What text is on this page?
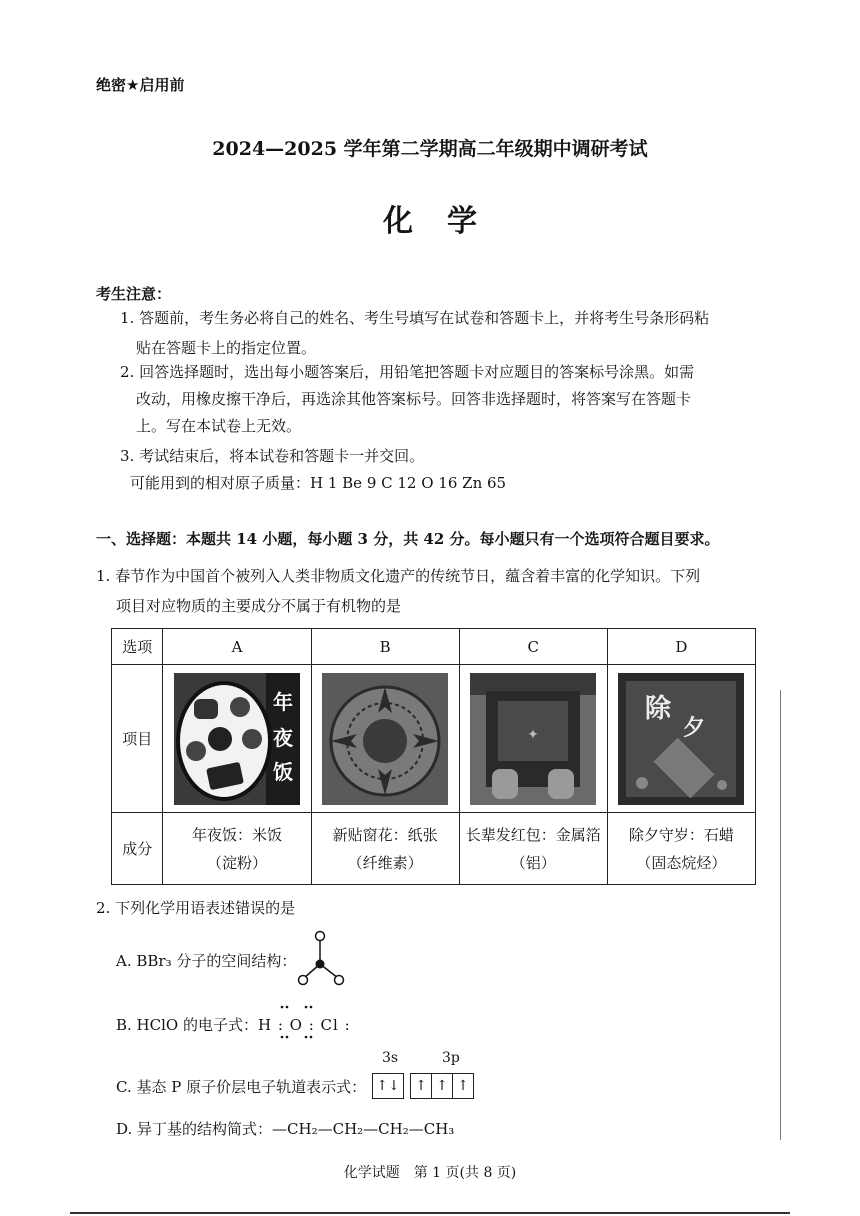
绝密★启用前
2024—2025 学年第二学期高二年级期中调研考试
化学
考生注意：
1. 答题前，考生务必将自己的姓名、考生号填写在试卷和答题卡上，并将考生号条形码粘
贴在答题卡上的指定位置。
2. 回答选择题时，选出每小题答案后，用铅笔把答题卡对应题目的答案标号涂黑。如需
改动，用橡皮擦干净后，再选涂其他答案标号。回答非选择题时，将答案写在答题卡
上。写在本试卷上无效。
3. 考试结束后，将本试卷和答题卡一并交回。
可能用到的相对原子质量：H 1 Be 9 C 12 O 16 Zn 65
一、选择题：本题共 14 小题，每小题 3 分，共 42 分。每小题只有一个选项符合题目要求。
1. 春节作为中国首个被列入人类非物质文化遗产的传统节日，蕴含着丰富的化学知识。下列
项目对应物质的主要成分不属于有机物的是
选项	A	B	C	D
项目	年
夜
饭		✦	除
夕

成分	年夜饭：米饭
（淀粉）	新贴窗花：纸张
（纤维素）	长辈发红包：金属箔
（铝）	除夕守岁：石蜡
（固态烷烃）
2. 下列化学用语表述错误的是
A. BBr₃ 分子的空间结构：
B. HClO 的电子式：H : O : Cl :
3s	3p
C. 基态 P 原子价层电子轨道表示式： ↑↓	↑ ↑ ↑
D. 异丁基的结构简式：—CH₂—CH₂—CH₂—CH₃
化学试题　第 1 页(共 8 页)
